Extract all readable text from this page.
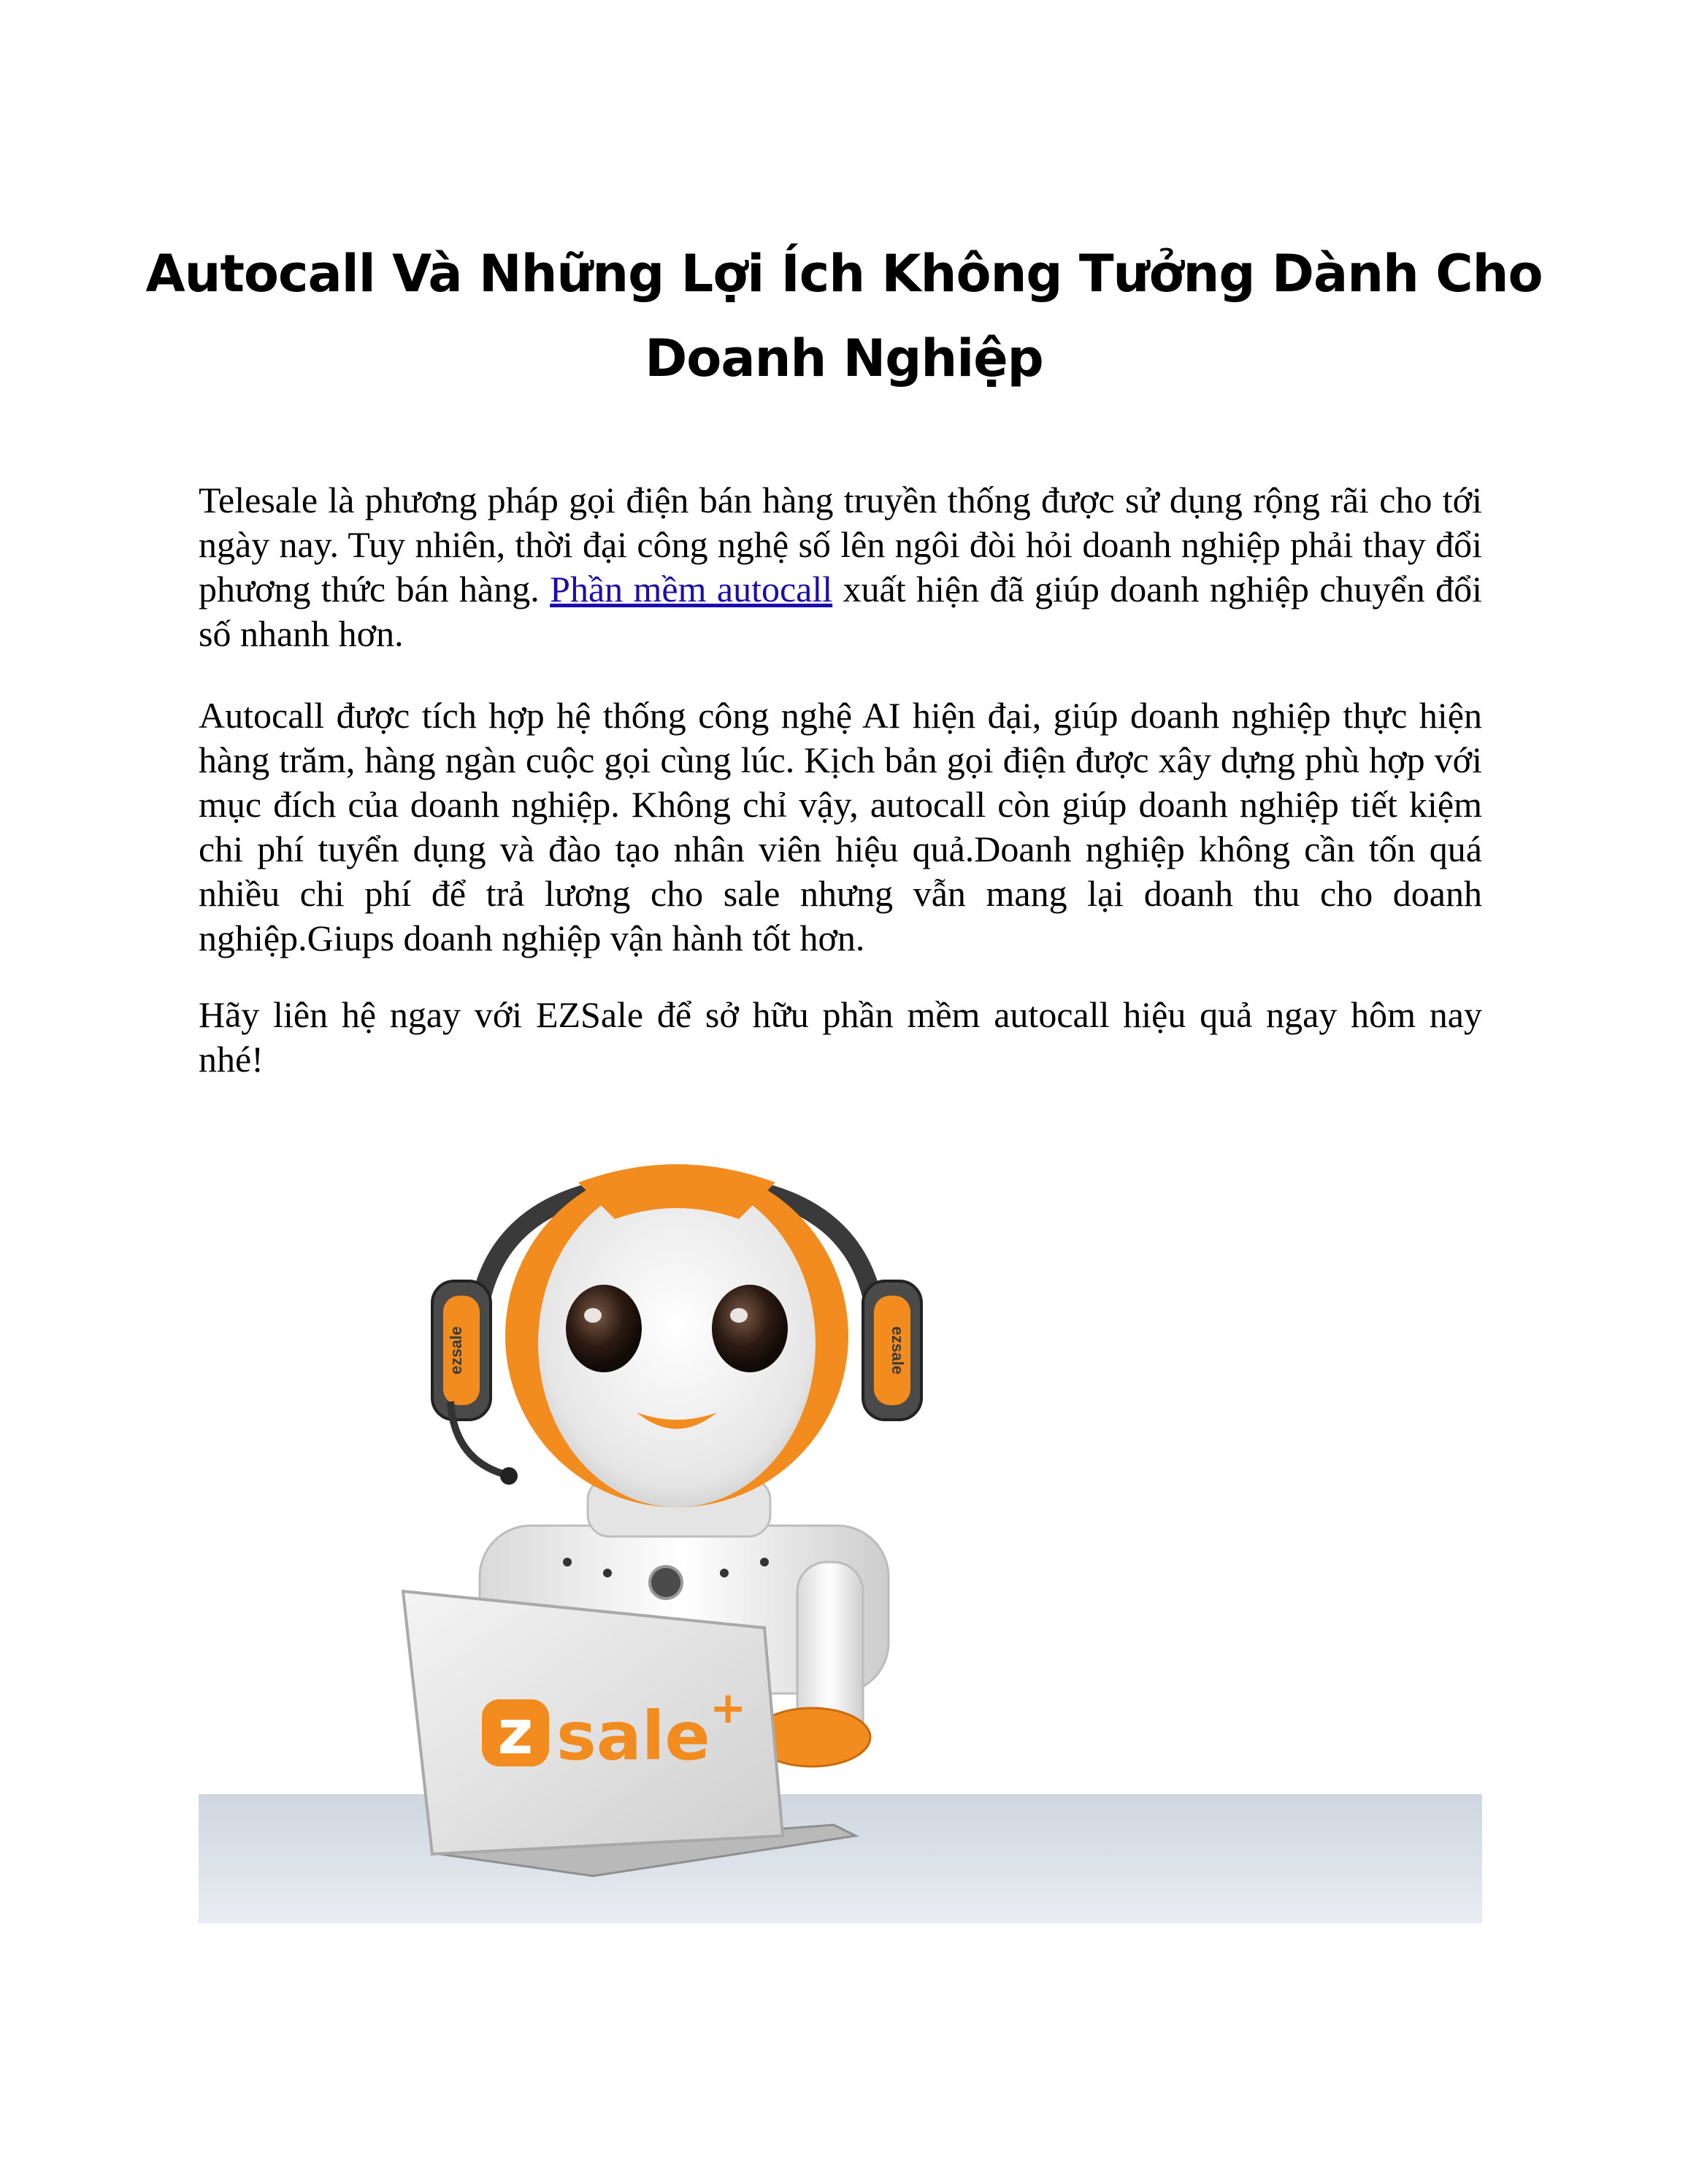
Autocall Và Những Lợi Ích Không Tưởng Dành Cho
Doanh Nghiệp

Telesale là phương pháp gọi điện bán hàng truyền thống được sử dụng rộng rãi cho tới ngày nay. Tuy nhiên, thời đại công nghệ số lên ngôi đòi hỏi doanh nghiệp phải thay đổi phương thức bán hàng. Phần mềm autocall xuất hiện đã giúp doanh nghiệp chuyển đổi số nhanh hơn.

Autocall được tích hợp hệ thống công nghệ AI hiện đại, giúp doanh nghiệp thực hiện hàng trăm, hàng ngàn cuộc gọi cùng lúc. Kịch bản gọi điện được xây dựng phù hợp với mục đích của doanh nghiệp. Không chỉ vậy, autocall còn giúp doanh nghiệp tiết kiệm chi phí tuyển dụng và đào tạo nhân viên hiệu quả.Doanh nghiệp không cần tốn quá nhiều chi phí để trả lương cho sale nhưng vẫn mang lại doanh thu cho doanh nghiệp.Giups doanh nghiệp vận hành tốt hơn.

Hãy liên hệ ngay với EZSale để sở hữu phần mềm autocall hiệu quả ngay hôm nay nhé!

ezsale	ezsale
z sale +
